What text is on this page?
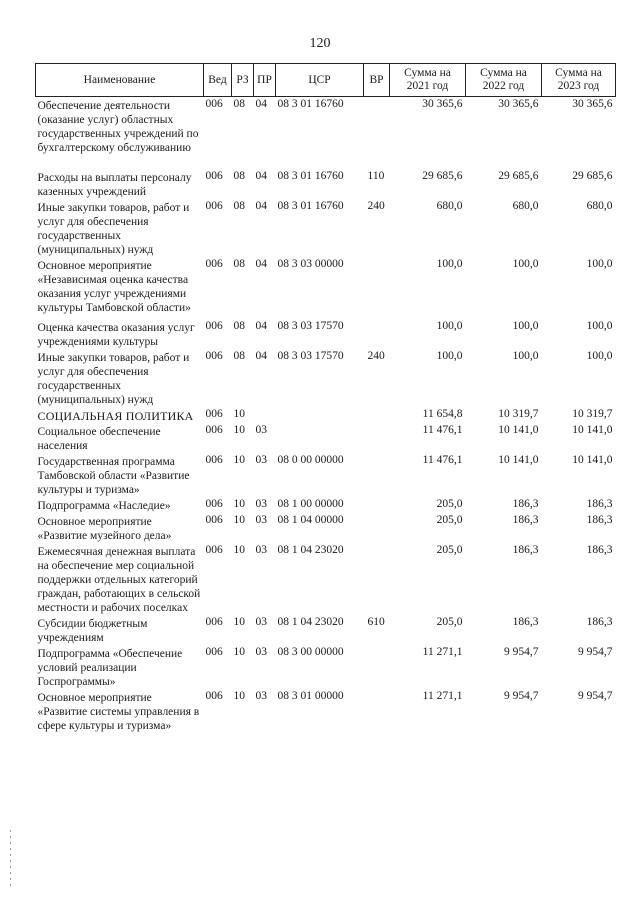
120
Наименование	Вед	РЗ	ПР	ЦСР	ВР	Сумма на 2021 год	Сумма на 2022 год	Сумма на 2023 год
Обеспечение деятельности (оказание услуг) областных государственных учреждений по бухгалтерскому обслуживанию	006	08	04	08 3 01 16760		30 365,6	30 365,6	30 365,6
Расходы на выплаты персоналу казенных учреждений	006	08	04	08 3 01 16760	110	29 685,6	29 685,6	29 685,6
Иные закупки товаров, работ и услуг для обеспечения государственных (муниципальных) нужд	006	08	04	08 3 01 16760	240	680,0	680,0	680,0
Основное мероприятие «Независимая оценка качества оказания услуг учреждениями культуры Тамбовской области»	006	08	04	08 3 03 00000		100,0	100,0	100,0
Оценка качества оказания услуг учреждениями культуры	006	08	04	08 3 03 17570		100,0	100,0	100,0
Иные закупки товаров, работ и услуг для обеспечения государственных (муниципальных) нужд	006	08	04	08 3 03 17570	240	100,0	100,0	100,0
СОЦИАЛЬНАЯ ПОЛИТИКА	006	10				11 654,8	10 319,7	10 319,7
Социальное обеспечение населения	006	10	03			11 476,1	10 141,0	10 141,0
Государственная программа Тамбовской области «Развитие культуры и туризма»	006	10	03	08 0 00 00000		11 476,1	10 141,0	10 141,0
Подпрограмма «Наследие»	006	10	03	08 1 00 00000		205,0	186,3	186,3
Основное мероприятие «Развитие музейного дела»	006	10	03	08 1 04 00000		205,0	186,3	186,3
Ежемесячная денежная выплата на обеспечение мер социальной поддержки отдельных категорий граждан, работающих в сельской местности и рабочих поселках	006	10	03	08 1 04 23020		205,0	186,3	186,3
Субсидии бюджетным учреждениям	006	10	03	08 1 04 23020	610	205,0	186,3	186,3
Подпрограмма «Обеспечение условий реализации Госпрограммы»	006	10	03	08 3 00 00000		11 271,1	9 954,7	9 954,7
Основное мероприятие «Развитие системы управления в сфере культуры и туризма»	006	10	03	08 3 01 00000		11 271,1	9 954,7	9 954,7
